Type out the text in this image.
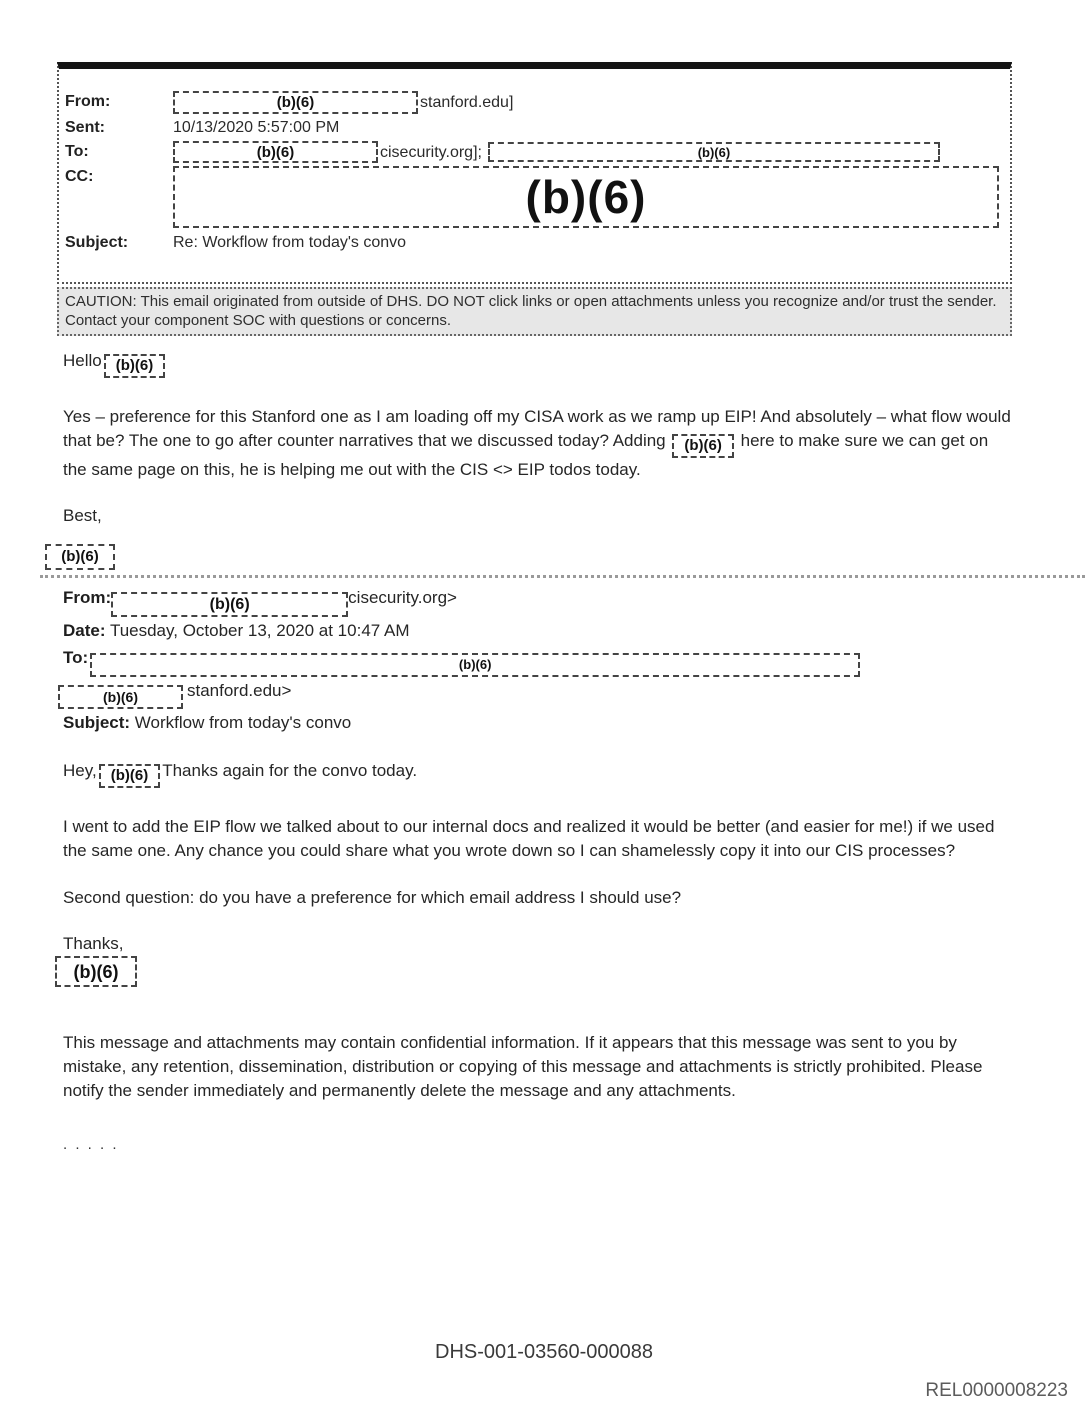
From:	(b)(6)	stanford.edu]
Sent:	10/13/2020 5:57:00 PM
To:	(b)(6)	cisecurity.org];	(b)(6)
CC:	(b)(6)
Subject:	Re: Workflow from today's convo
CAUTION: This email originated from outside of DHS. DO NOT click links or open attachments unless you recognize and/or trust the sender. Contact your component SOC with questions or concerns.

Hello (b)(6)

Yes – preference for this Stanford one as I am loading off my CISA work as we ramp up EIP! And absolutely – what flow would that be? The one to go after counter narratives that we discussed today? Adding (b)(6) here to make sure we can get on the same page on this, he is helping me out with the CIS <> EIP todos today.

Best,

(b)(6)
From:	(b)(6)	cisecurity.org>
Date: Tuesday, October 13, 2020 at 10:47 AM
To:	(b)(6)
(b)(6)	stanford.edu>
Subject: Workflow from today's convo

Hey, (b)(6) Thanks again for the convo today.

I went to add the EIP flow we talked about to our internal docs and realized it would be better (and easier for me!) if we used the same one. Any chance you could share what you wrote down so I can shamelessly copy it into our CIS processes?

Second question: do you have a preference for which email address I should use?

Thanks,

(b)(6)

This message and attachments may contain confidential information. If it appears that this message was sent to you by mistake, any retention, dissemination, distribution or copying of this message and attachments is strictly prohibited. Please notify the sender immediately and permanently delete the message and any attachments.

. . . . .

DHS-001-03560-000088
REL0000008223
